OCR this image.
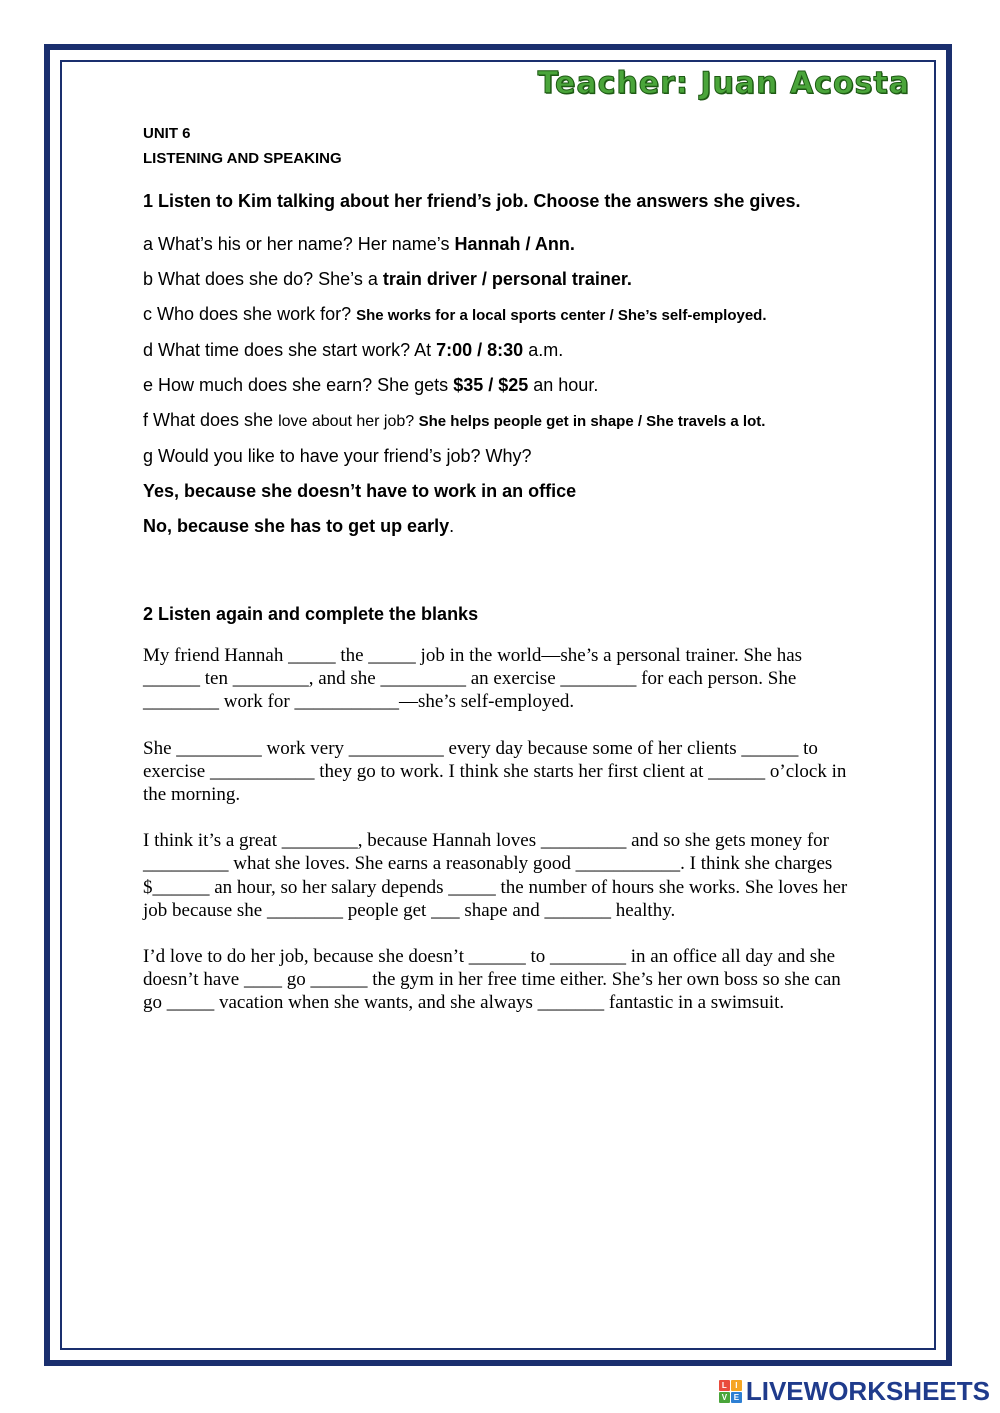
Teacher: Juan Acosta

UNIT 6

LISTENING AND SPEAKING

1 Listen to Kim talking about her friend’s job. Choose the answers she gives.

a What’s his or her name? Her name’s Hannah / Ann.

b What does she do? She’s a train driver / personal trainer.

c Who does she work for? She works for a local sports center / She’s self-employed.

d What time does she start work? At 7:00 / 8:30 a.m.

e How much does she earn? She gets $35 / $25 an hour.

f What does she love about her job? She helps people get in shape / She travels a lot.

g Would you like to have your friend’s job? Why?

Yes, because she doesn’t have to work in an office

No, because she has to get up early.

2 Listen again and complete the blanks

My friend Hannah _____ the _____ job in the world—she’s a personal trainer. She has ______ ten ________, and she _________ an exercise ________ for each person. She ________ work for ___________—she’s self-employed.

She _________ work very __________ every day because some of her clients ______ to exercise ___________ they go to work. I think she starts her first client at ______ o’clock in the morning.

I think it’s a great ________, because Hannah loves _________ and so she gets money for _________ what she loves. She earns a reasonably good ___________. I think she charges $______ an hour, so her salary depends _____ the number of hours she works. She loves her job because she ________ people get ___ shape and _______ healthy.

I’d love to do her job, because she doesn’t ______ to ________ in an office all day and she doesn’t have ____ go ______ the gym in her free time either. She’s her own boss so she can go _____ vacation when she wants, and she always _______ fantastic in a swimsuit.

L	I
V E LIVEWORKSHEETS
